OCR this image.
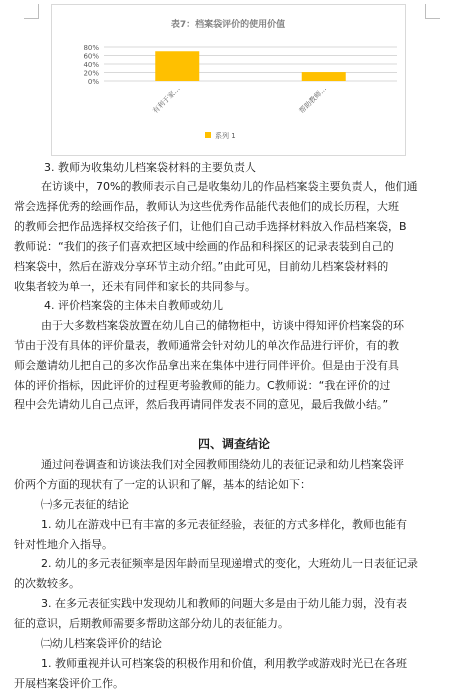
表7：档案袋评价的使用价值
0%
20%
40%
60%
80%
有利于家…	帮助教师…
系列 1
3. 教师为收集幼儿档案袋材料的主要负责人
在访谈中，70%的教师表示自己是收集幼儿的作品档案袋主要负责人，他们通
常会选择优秀的绘画作品，教师认为这些优秀作品能代表他们的成长历程，大班
的教师会把作品选择权交给孩子们，让他们自己动手选择材料放入作品档案袋，B
教师说：“我们的孩子们喜欢把区域中绘画的作品和科探区的记录表装到自己的
档案袋中，然后在游戏分享环节主动介绍。”由此可见，目前幼儿档案袋材料的
收集者较为单一，还未有同伴和家长的共同参与。
4. 评价档案袋的主体未自教师或幼儿
由于大多数档案袋放置在幼儿自己的储物柜中，访谈中得知评价档案袋的环
节由于没有具体的评价量表，教师通常会针对幼儿的单次作品进行评价，有的教
师会邀请幼儿把自己的多次作品拿出来在集体中进行同伴评价。但是由于没有具
体的评价指标，因此评价的过程更考验教师的能力。C教师说：“我在评价的过
程中会先请幼儿自己点评，然后我再请同伴发表不同的意见，最后我做小结。”
四、调查结论
通过问卷调查和访谈法我们对全园教师围绕幼儿的表征记录和幼儿档案袋评
价两个方面的现状有了一定的认识和了解，基本的结论如下：
㈠多元表征的结论
1. 幼儿在游戏中已有丰富的多元表征经验，表征的方式多样化，教师也能有
针对性地介入指导。
2. 幼儿的多元表征频率是因年龄而呈现递增式的变化，大班幼儿一日表征记录
的次数较多。
3. 在多元表征实践中发现幼儿和教师的问题大多是由于幼儿能力弱，没有表
征的意识，后期教师需要多帮助这部分幼儿的表征能力。
㈡幼儿档案袋评价的结论
1. 教师重视并认可档案袋的积极作用和价值，利用教学或游戏时光已在各班
开展档案袋评价工作。
